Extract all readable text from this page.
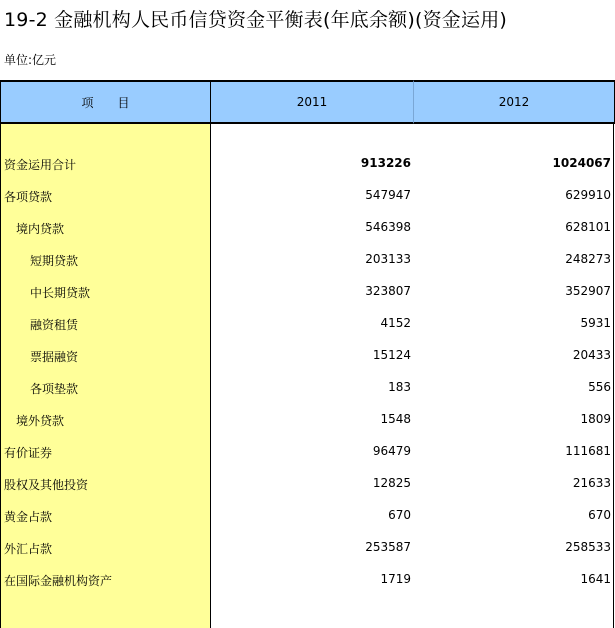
19-2 金融机构人民币信贷资金平衡表(年底余额)(资金运用)
单位:亿元
项　　目	2011	2012
资金运用合计	913226	1024067
各项贷款	547947	629910
境内贷款	546398	628101
短期贷款	203133	248273
中长期贷款	323807	352907
融资租赁	4152	5931
票据融资	15124	20433
各项垫款	183	556
境外贷款	1548	1809
有价证券	96479	111681
股权及其他投资	12825	21633
黄金占款	670	670
外汇占款	253587	258533
在国际金融机构资产	1719	1641
